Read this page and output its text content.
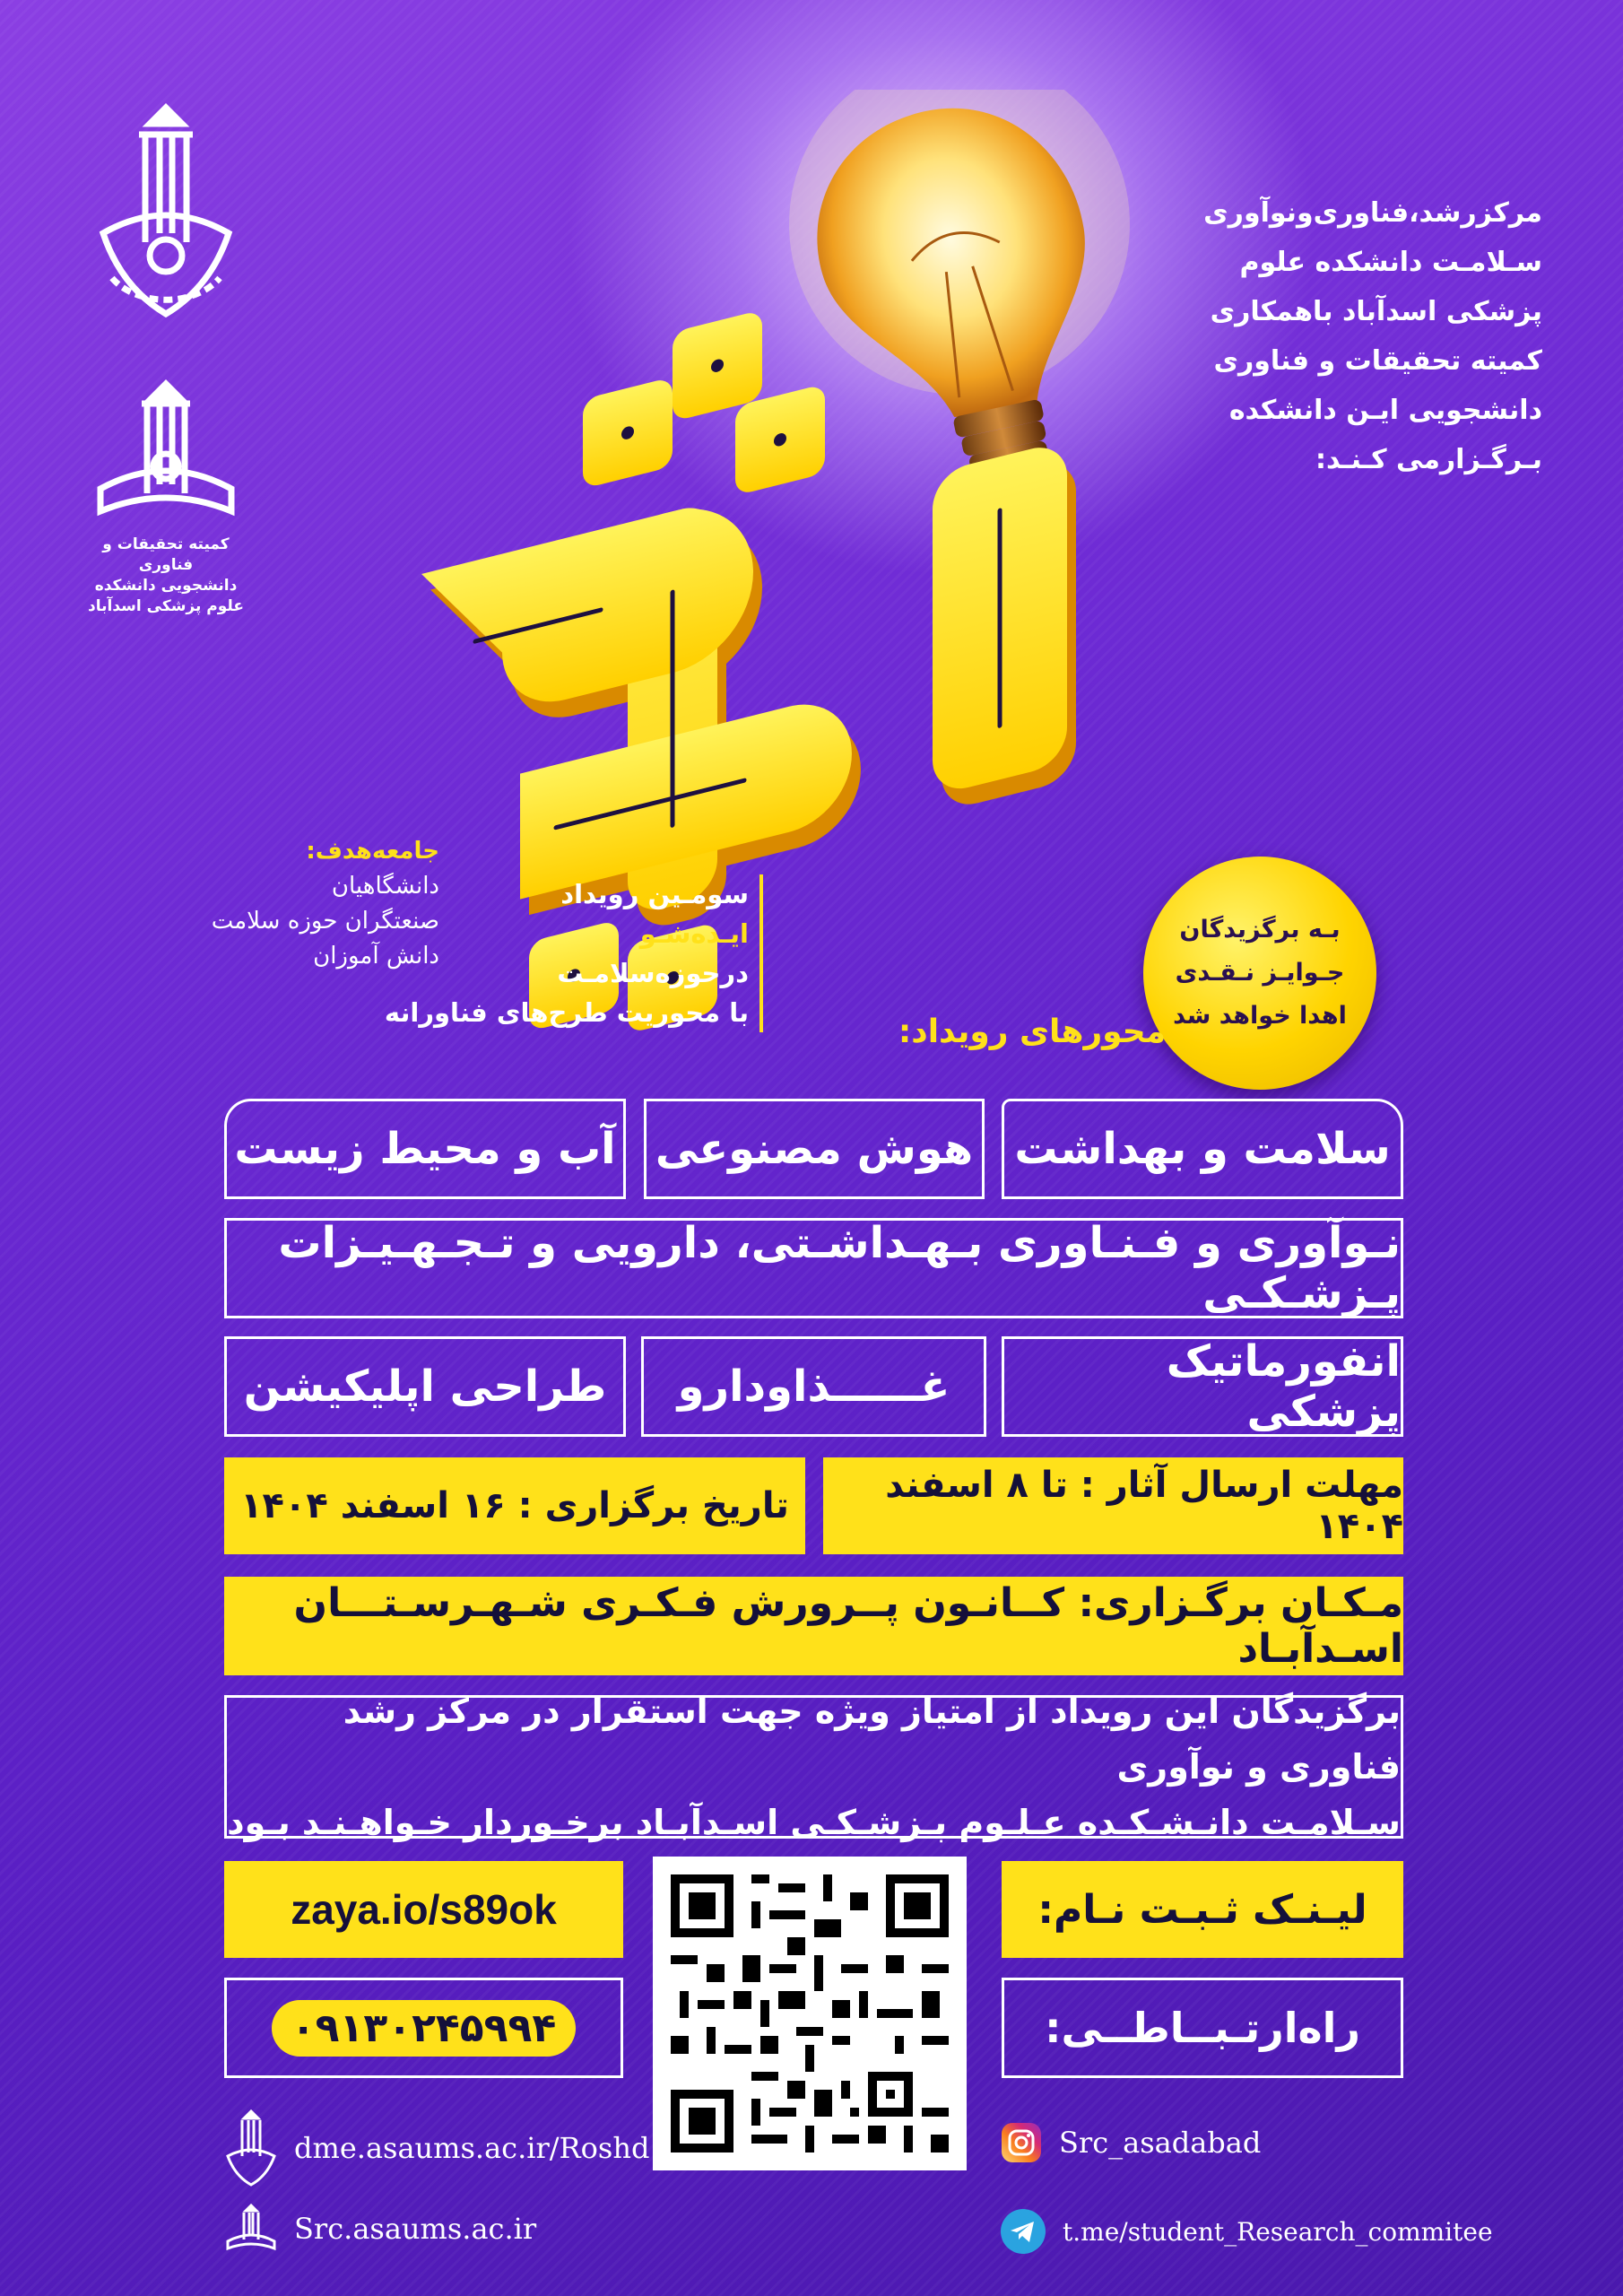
کمیته تحقیقات و فناوری
دانشجویی دانشکده
علوم پزشکی اسدآباد
مرکزرشد،فناوری‌ونوآوری
سـلامـت دانشکده علوم
پزشکی اسدآباد باهمکاری
کمیته تحقیقات و فناوری
دانشجویی ایـن دانشکده
بـرگـزارمی‌ کـنـد:
سومـین رویداد
ایـده‌شـو
درحوزه‌سلامـت
با محوریت طرح‌های فناورانه
جامعه‌هدف:
دانشگاهیان
صنعتگران حوزه سلامت
دانش آموزان
بـه برگزیدگان
جـوایـز نـقـدی
اهدا خواهد شد
محورهای رویداد:
سلامت و بهداشت
هوش مصنوعی
آب و محیط زیست
نـوآوری و فـنـاوری بـهـداشـتی، دارویی و تـجـهـیـزات پـزشـکـی
انفورماتیک پزشکی
غــــــذاودارو
طراحی اپلیکیشن
مهلت ارسال آثار : تا ۸ اسفند ۱۴۰۴
تاریخ برگزاری : ۱۶ اسفند ۱۴۰۴
مـکـان برگـزاری: کــانـون پــرورش فـکـری شـهـرسـتـــان اسـدآبـاد
برگزیدگان این رویداد از امتیاز ویژه جهت استقرار در مرکز رشد فناوری و نوآوری
سـلامـت دانـشـکـده عـلـوم پـزشـکـی اسـدآبـاد برخـوردار خـواهـنـد بـود
لیـنـک ثـبـت نـام:
zaya.io/s89ok
راه‌ارتـبــاطــی:
۰۹۱۳۰۲۴۵۹۹۴
dme.asaums.ac.ir/Roshd
Src.asaums.ac.ir
Src_asadabad
t.me/student_Research_commitee
